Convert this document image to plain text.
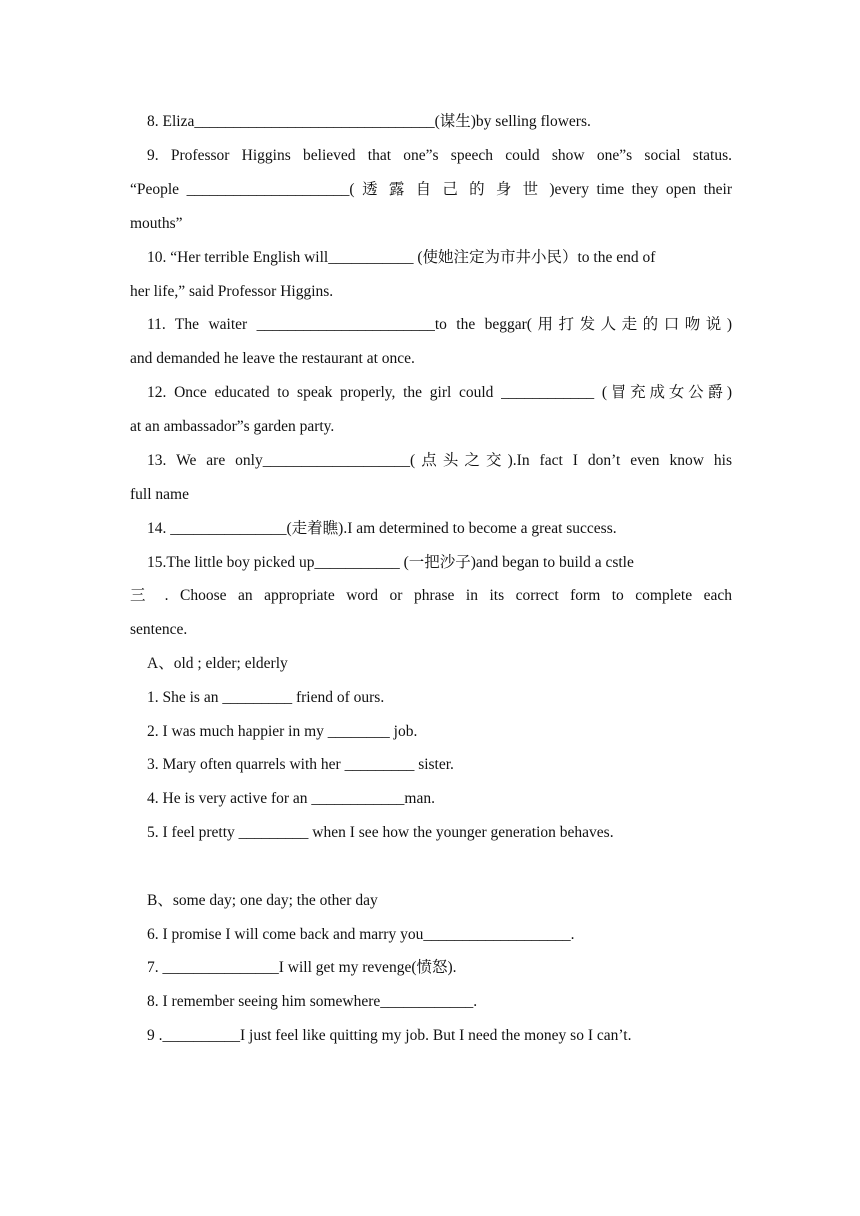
8. Eliza_______________________________(谋生)by selling flowers.
9. Professor Higgins believed that one”s speech could show one”s social status.
“People _____________________( 透 露 自 己 的 身 世 )every time they open their
mouths”
10. “Her terrible English will___________ (使她注定为市井小民）to the end of
her life,” said Professor Higgins.
11. The waiter _______________________to the beggar(用打发人走的口吻说)
and demanded he leave the restaurant at once.
12. Once educated to speak properly, the girl could ____________ (冒充成女公爵)
at an ambassador”s garden party.
13. We are only___________________(点头之交).In fact I don’t even know his
full name
14. _______________(走着瞧).I am determined to become a great success.
15.The little boy picked up___________ (一把沙子)and began to build a cstle
三 . Choose an appropriate word or phrase in its correct form to complete each
sentence.
A、old ; elder; elderly
1. She is an _________ friend of ours.
2. I was much happier in my ________ job.
3. Mary often quarrels with her _________ sister.
4. He is very active for an ____________man.
5. I feel pretty _________ when I see how the younger generation behaves.
B、some day; one day; the other day
6. I promise I will come back and marry you___________________.
7. _______________I will get my revenge(愤怒).
8. I remember seeing him somewhere____________.
9 .__________I just feel like quitting my job. But I need the money so I can’t.
